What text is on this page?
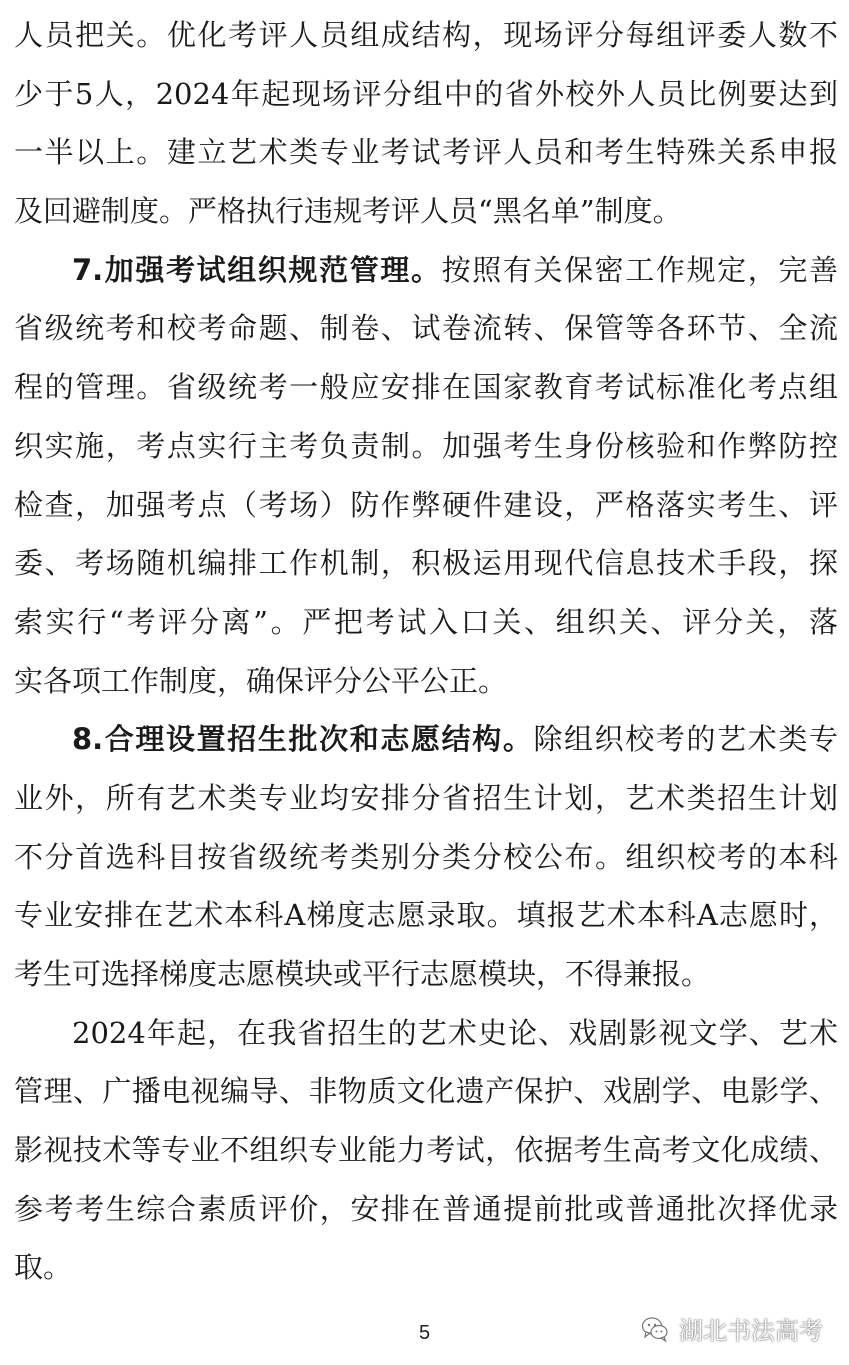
人员把关。优化考评人员组成结构，现场评分每组评委人数不
少于5人，2024年起现场评分组中的省外校外人员比例要达到
一半以上。建立艺术类专业考试考评人员和考生特殊关系申报
及回避制度。严格执行违规考评人员“黑名单”制度。
7.加强考试组织规范管理。按照有关保密工作规定，完善
省级统考和校考命题、制卷、试卷流转、保管等各环节、全流
程的管理。省级统考一般应安排在国家教育考试标准化考点组
织实施，考点实行主考负责制。加强考生身份核验和作弊防控
检查，加强考点（考场）防作弊硬件建设，严格落实考生、评
委、考场随机编排工作机制，积极运用现代信息技术手段，探
索实行“考评分离”。严把考试入口关、组织关、评分关，落
实各项工作制度，确保评分公平公正。
8.合理设置招生批次和志愿结构。除组织校考的艺术类专
业外，所有艺术类专业均安排分省招生计划，艺术类招生计划
不分首选科目按省级统考类别分类分校公布。组织校考的本科
专业安排在艺术本科A梯度志愿录取。填报艺术本科A志愿时，
考生可选择梯度志愿模块或平行志愿模块，不得兼报。
2024年起，在我省招生的艺术史论、戏剧影视文学、艺术
管理、广播电视编导、非物质文化遗产保护、戏剧学、电影学、
影视技术等专业不组织专业能力考试，依据考生高考文化成绩、
参考考生综合素质评价，安排在普通提前批或普通批次择优录
取。
5	湖北书法高考
